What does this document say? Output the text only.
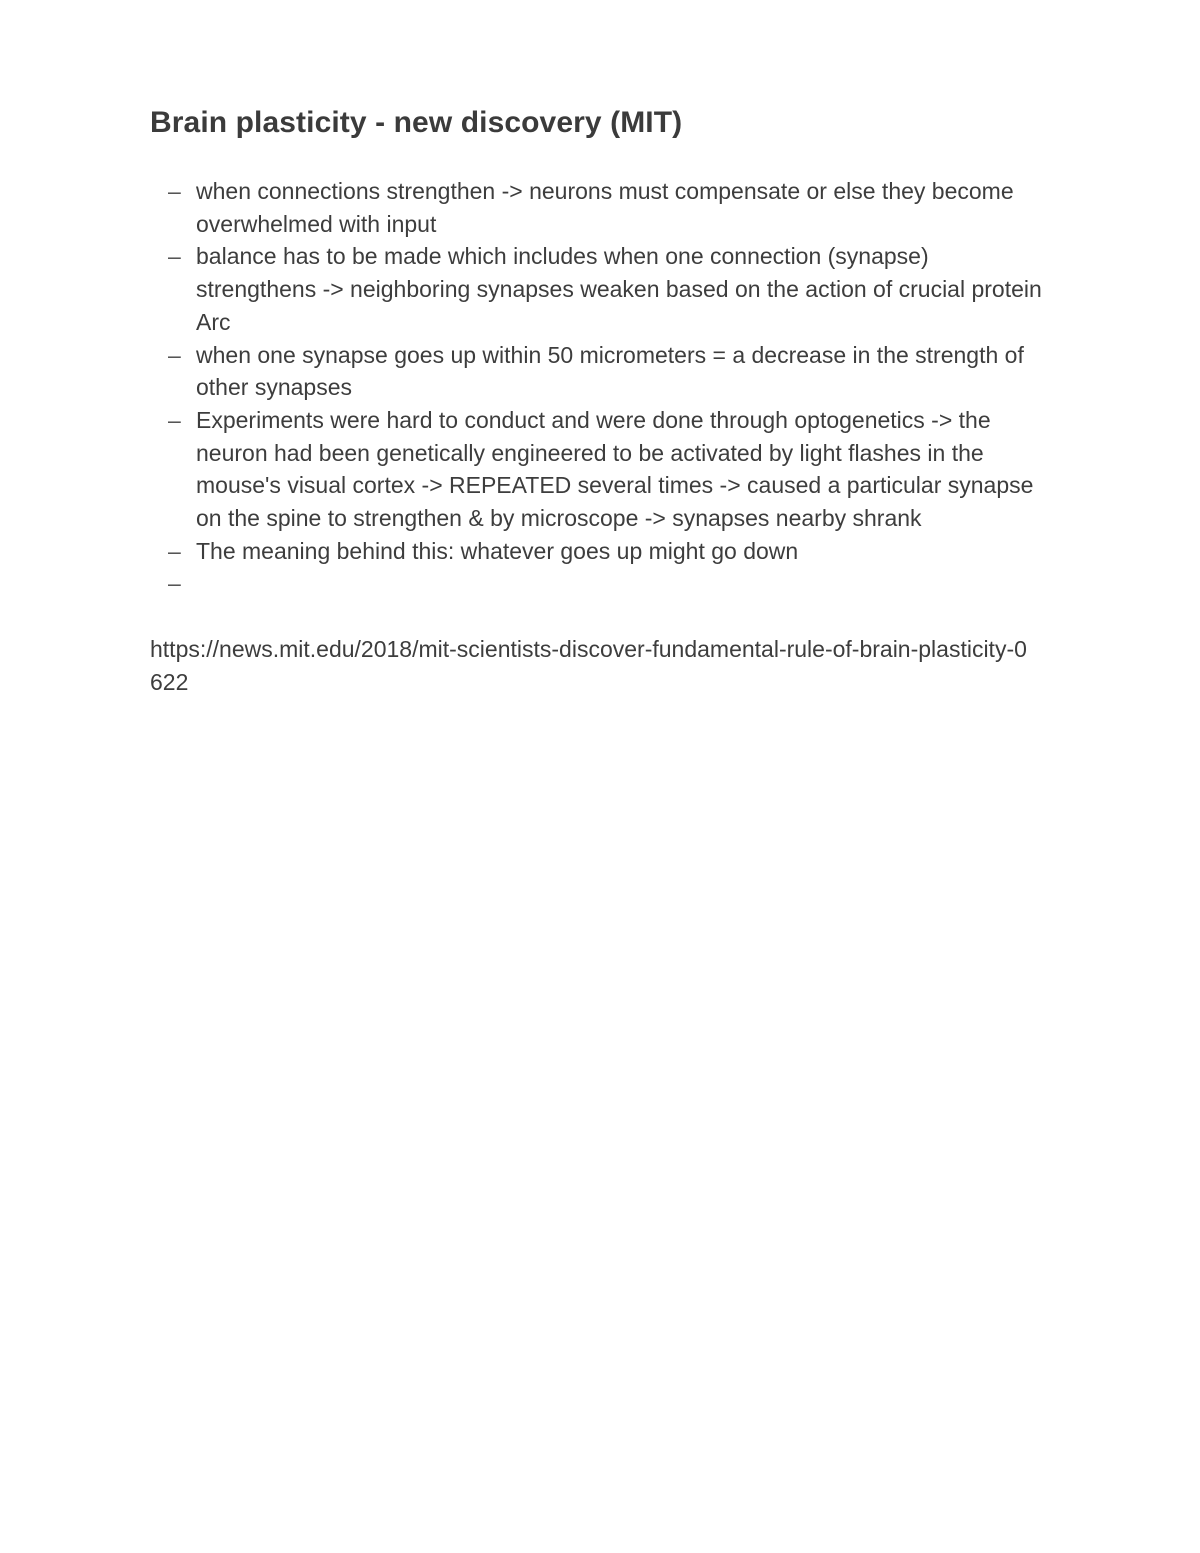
Brain plasticity - new discovery (MIT)
– when connections strengthen -> neurons must compensate or else they become overwhelmed with input
– balance has to be made which includes when one connection (synapse) strengthens -> neighboring synapses weaken based on the action of crucial protein Arc
– when one synapse goes up within 50 micrometers = a decrease in the strength of other synapses
– Experiments were hard to conduct and were done through optogenetics -> the neuron had been genetically engineered to be activated by light flashes in the mouse's visual cortex -> REPEATED several times -> caused a particular synapse on the spine to strengthen & by microscope -> synapses nearby shrank
– The meaning behind this: whatever goes up might go down
–

https://news.mit.edu/2018/mit-scientists-discover-fundamental-rule-of-brain-plasticity-0622
